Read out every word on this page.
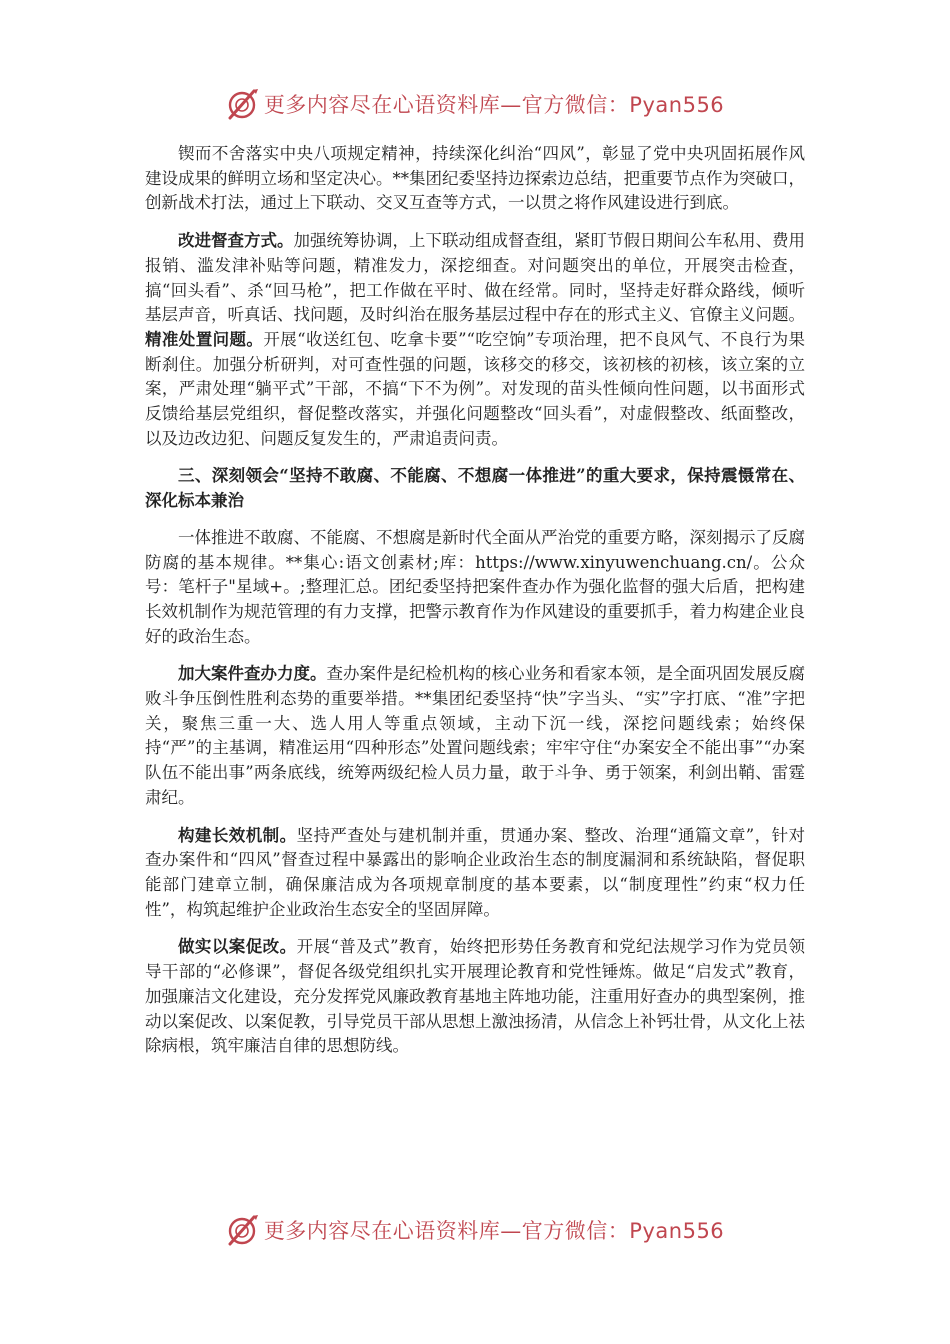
更多内容尽在心语资料库—官方微信：Pyan556

锲而不舍落实中央八项规定精神，持续深化纠治“四风”，彰显了党中央巩固拓展作风建设成果的鲜明立场和坚定决心。**集团纪委坚持边探索边总结，把重要节点作为突破口，创新战术打法，通过上下联动、交叉互查等方式，一以贯之将作风建设进行到底。

改进督查方式。加强统筹协调，上下联动组成督查组，紧盯节假日期间公车私用、费用报销、滥发津补贴等问题，精准发力，深挖细查。对问题突出的单位，开展突击检查，搞“回头看”、杀“回马枪”，把工作做在平时、做在经常。同时，坚持走好群众路线，倾听基层声音，听真话、找问题，及时纠治在服务基层过程中存在的形式主义、官僚主义问题。精准处置问题。开展“收送红包、吃拿卡要”“吃空饷”专项治理，把不良风气、不良行为果断刹住。加强分析研判，对可查性强的问题，该移交的移交，该初核的初核，该立案的立案，严肃处理“躺平式”干部，不搞“下不为例”。对发现的苗头性倾向性问题，以书面形式反馈给基层党组织，督促整改落实，并强化问题整改“回头看”，对虚假整改、纸面整改，以及边改边犯、问题反复发生的，严肃追责问责。

三、深刻领会“坚持不敢腐、不能腐、不想腐一体推进”的重大要求，保持震慑常在、深化标本兼治

一体推进不敢腐、不能腐、不想腐是新时代全面从严治党的重要方略，深刻揭示了反腐防腐的基本规律。**集心:语文创素材;库：https://www.xinyuwenchuang.cn/。公众号：笔杆子"星域+。;整理汇总。团纪委坚持把案件查办作为强化监督的强大后盾，把构建长效机制作为规范管理的有力支撑，把警示教育作为作风建设的重要抓手，着力构建企业良好的政治生态。

加大案件查办力度。查办案件是纪检机构的核心业务和看家本领，是全面巩固发展反腐败斗争压倒性胜利态势的重要举措。**集团纪委坚持“快”字当头、“实”字打底、“准”字把关，聚焦三重一大、选人用人等重点领域，主动下沉一线，深挖问题线索；始终保持“严”的主基调，精准运用“四种形态”处置问题线索；牢牢守住“办案安全不能出事”“办案队伍不能出事”两条底线，统筹两级纪检人员力量，敢于斗争、勇于领案，利剑出鞘、雷霆肃纪。

构建长效机制。坚持严查处与建机制并重，贯通办案、整改、治理“通篇文章”，针对查办案件和“四风”督查过程中暴露出的影响企业政治生态的制度漏洞和系统缺陷，督促职能部门建章立制，确保廉洁成为各项规章制度的基本要素，以“制度理性”约束“权力任性”，构筑起维护企业政治生态安全的坚固屏障。

做实以案促改。开展“普及式”教育，始终把形势任务教育和党纪法规学习作为党员领导干部的“必修课”，督促各级党组织扎实开展理论教育和党性锤炼。做足“启发式”教育，加强廉洁文化建设，充分发挥党风廉政教育基地主阵地功能，注重用好查办的典型案例，推动以案促改、以案促教，引导党员干部从思想上激浊扬清，从信念上补钙壮骨，从文化上祛除病根，筑牢廉洁自律的思想防线。

更多内容尽在心语资料库—官方微信：Pyan556
